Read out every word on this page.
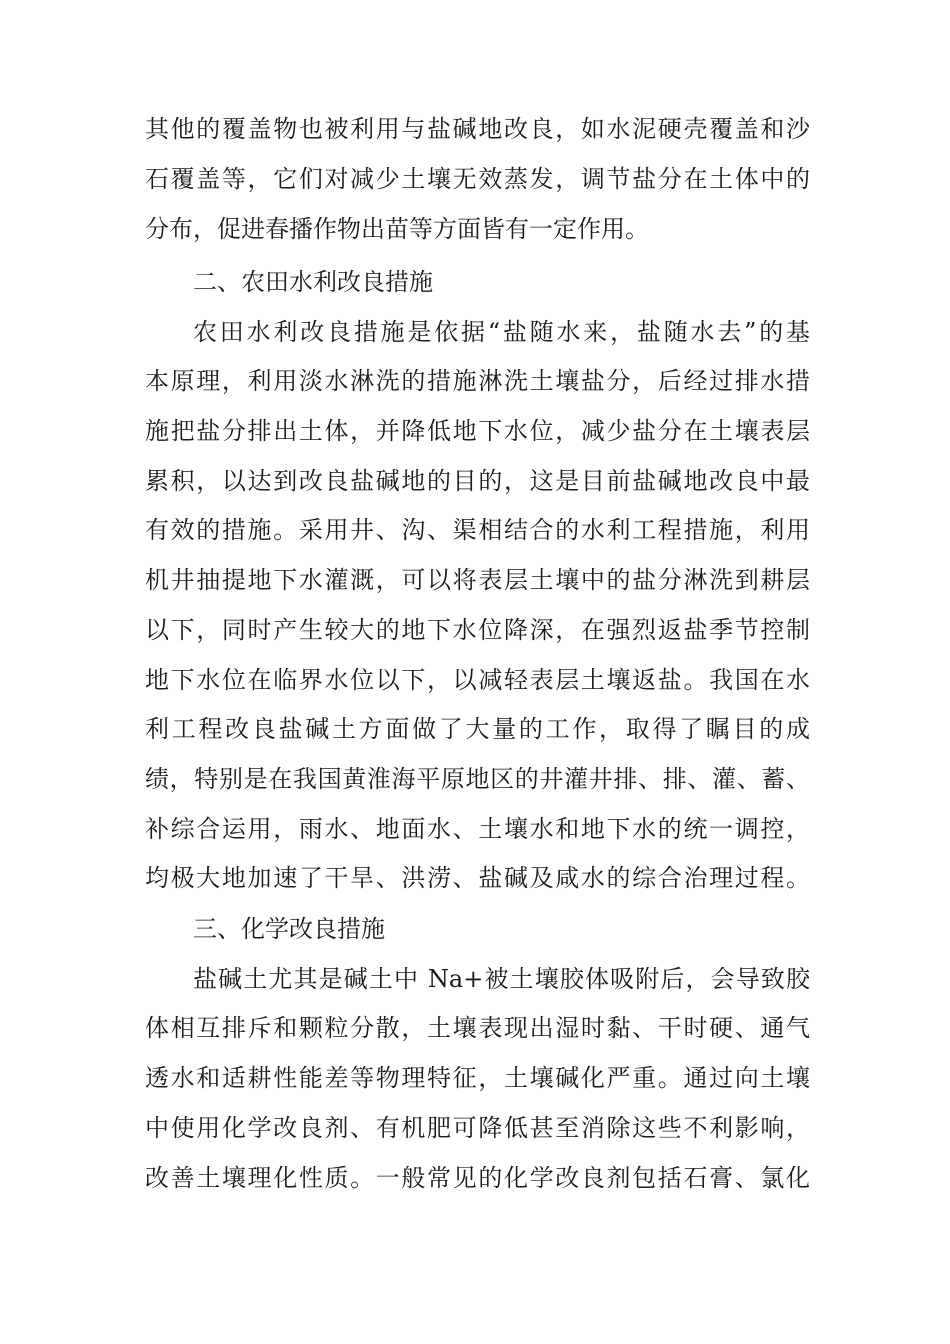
其他的覆盖物也被利用与盐碱地改良，如水泥硬壳覆盖和沙
石覆盖等，它们对减少土壤无效蒸发，调节盐分在土体中的
分布，促进春播作物出苗等方面皆有一定作用。
二、农田水利改良措施
农田水利改良措施是依据“盐随水来，盐随水去”的基
本原理，利用淡水淋洗的措施淋洗土壤盐分，后经过排水措
施把盐分排出土体，并降低地下水位，减少盐分在土壤表层
累积，以达到改良盐碱地的目的，这是目前盐碱地改良中最
有效的措施。采用井、沟、渠相结合的水利工程措施，利用
机井抽提地下水灌溉，可以将表层土壤中的盐分淋洗到耕层
以下，同时产生较大的地下水位降深，在强烈返盐季节控制
地下水位在临界水位以下，以减轻表层土壤返盐。我国在水
利工程改良盐碱土方面做了大量的工作，取得了瞩目的成
绩，特别是在我国黄淮海平原地区的井灌井排、排、灌、蓄、
补综合运用，雨水、地面水、土壤水和地下水的统一调控，
均极大地加速了干旱、洪涝、盐碱及咸水的综合治理过程。
三、化学改良措施
盐碱土尤其是碱土中 Na+被土壤胶体吸附后，会导致胶
体相互排斥和颗粒分散，土壤表现出湿时黏、干时硬、通气
透水和适耕性能差等物理特征，土壤碱化严重。通过向土壤
中使用化学改良剂、有机肥可降低甚至消除这些不利影响，
改善土壤理化性质。一般常见的化学改良剂包括石膏、氯化
